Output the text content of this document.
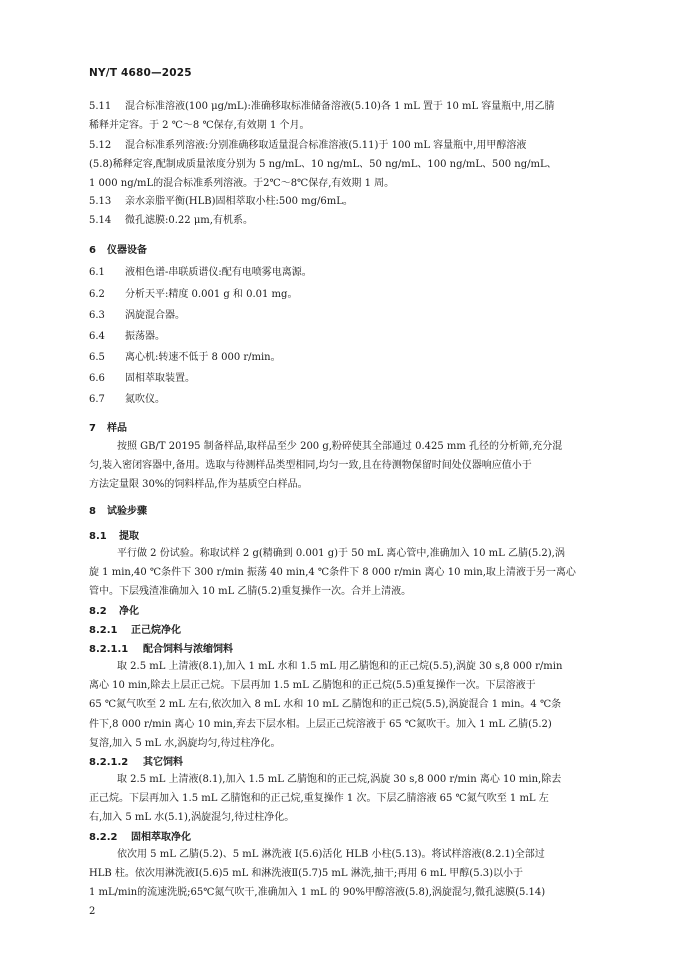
NY/T 4680—2025
5.11 混合标准溶液(100 μg/mL):准确移取标准储备溶液(5.10)各 1 mL 置于 10 mL 容量瓶中,用乙腈
稀释并定容。于 2 ℃～8 ℃保存,有效期 1 个月。
5.12 混合标准系列溶液:分别准确移取适量混合标准溶液(5.11)于 100 mL 容量瓶中,用甲醇溶液
(5.8)稀释定容,配制成质量浓度分别为 5 ng/mL、10 ng/mL、50 ng/mL、100 ng/mL、500 ng/mL、
1 000 ng/mL的混合标准系列溶液。于2℃～8℃保存,有效期 1 周。
5.13 亲水亲脂平衡(HLB)固相萃取小柱:500 mg/6mL。
5.14 微孔滤膜:0.22 μm,有机系。
6 仪器设备
6.1 液相色谱-串联质谱仪:配有电喷雾电离源。
6.2 分析天平:精度 0.001 g 和 0.01 mg。
6.3 涡旋混合器。
6.4 振荡器。
6.5 离心机:转速不低于 8 000 r/min。
6.6 固相萃取装置。
6.7 氮吹仪。
7 样品
按照 GB/T 20195 制备样品,取样品至少 200 g,粉碎使其全部通过 0.425 mm 孔径的分析筛,充分混
匀,装入密闭容器中,备用。选取与待测样品类型相同,均匀一致,且在待测物保留时间处仪器响应值小于
方法定量限 30%的饲料样品,作为基质空白样品。
8 试验步骤
8.1 提取
平行做 2 份试验。称取试样 2 g(精确到 0.001 g)于 50 mL 离心管中,准确加入 10 mL 乙腈(5.2),涡
旋 1 min,40 ℃条件下 300 r/min 振荡 40 min,4 ℃条件下 8 000 r/min 离心 10 min,取上清液于另一离心
管中。下层残渣准确加入 10 mL 乙腈(5.2)重复操作一次。合并上清液。
8.2 净化
8.2.1 正己烷净化
8.2.1.1 配合饲料与浓缩饲料
取 2.5 mL 上清液(8.1),加入 1 mL 水和 1.5 mL 用乙腈饱和的正己烷(5.5),涡旋 30 s,8 000 r/min
离心 10 min,除去上层正己烷。下层再加 1.5 mL 乙腈饱和的正己烷(5.5)重复操作一次。下层溶液于
65 ℃氮气吹至 2 mL 左右,依次加入 8 mL 水和 10 mL 乙腈饱和的正己烷(5.5),涡旋混合 1 min。4 ℃条
件下,8 000 r/min 离心 10 min,弃去下层水相。上层正己烷溶液于 65 ℃氮吹干。加入 1 mL 乙腈(5.2)
复溶,加入 5 mL 水,涡旋均匀,待过柱净化。
8.2.1.2 其它饲料
取 2.5 mL 上清液(8.1),加入 1.5 mL 乙腈饱和的正己烷,涡旋 30 s,8 000 r/min 离心 10 min,除去
正己烷。下层再加入 1.5 mL 乙腈饱和的正己烷,重复操作 1 次。下层乙腈溶液 65 ℃氮气吹至 1 mL 左
右,加入 5 mL 水(5.1),涡旋混匀,待过柱净化。
8.2.2 固相萃取净化
依次用 5 mL 乙腈(5.2)、5 mL 淋洗液 I(5.6)活化 HLB 小柱(5.13)。将试样溶液(8.2.1)全部过
HLB 柱。依次用淋洗液Ⅰ(5.6)5 mL 和淋洗液Ⅱ(5.7)5 mL 淋洗,抽干;再用 6 mL 甲醇(5.3)以小于
1 mL/min的流速洗脱;65℃氮气吹干,准确加入 1 mL 的 90%甲醇溶液(5.8),涡旋混匀,微孔滤膜(5.14)
2
